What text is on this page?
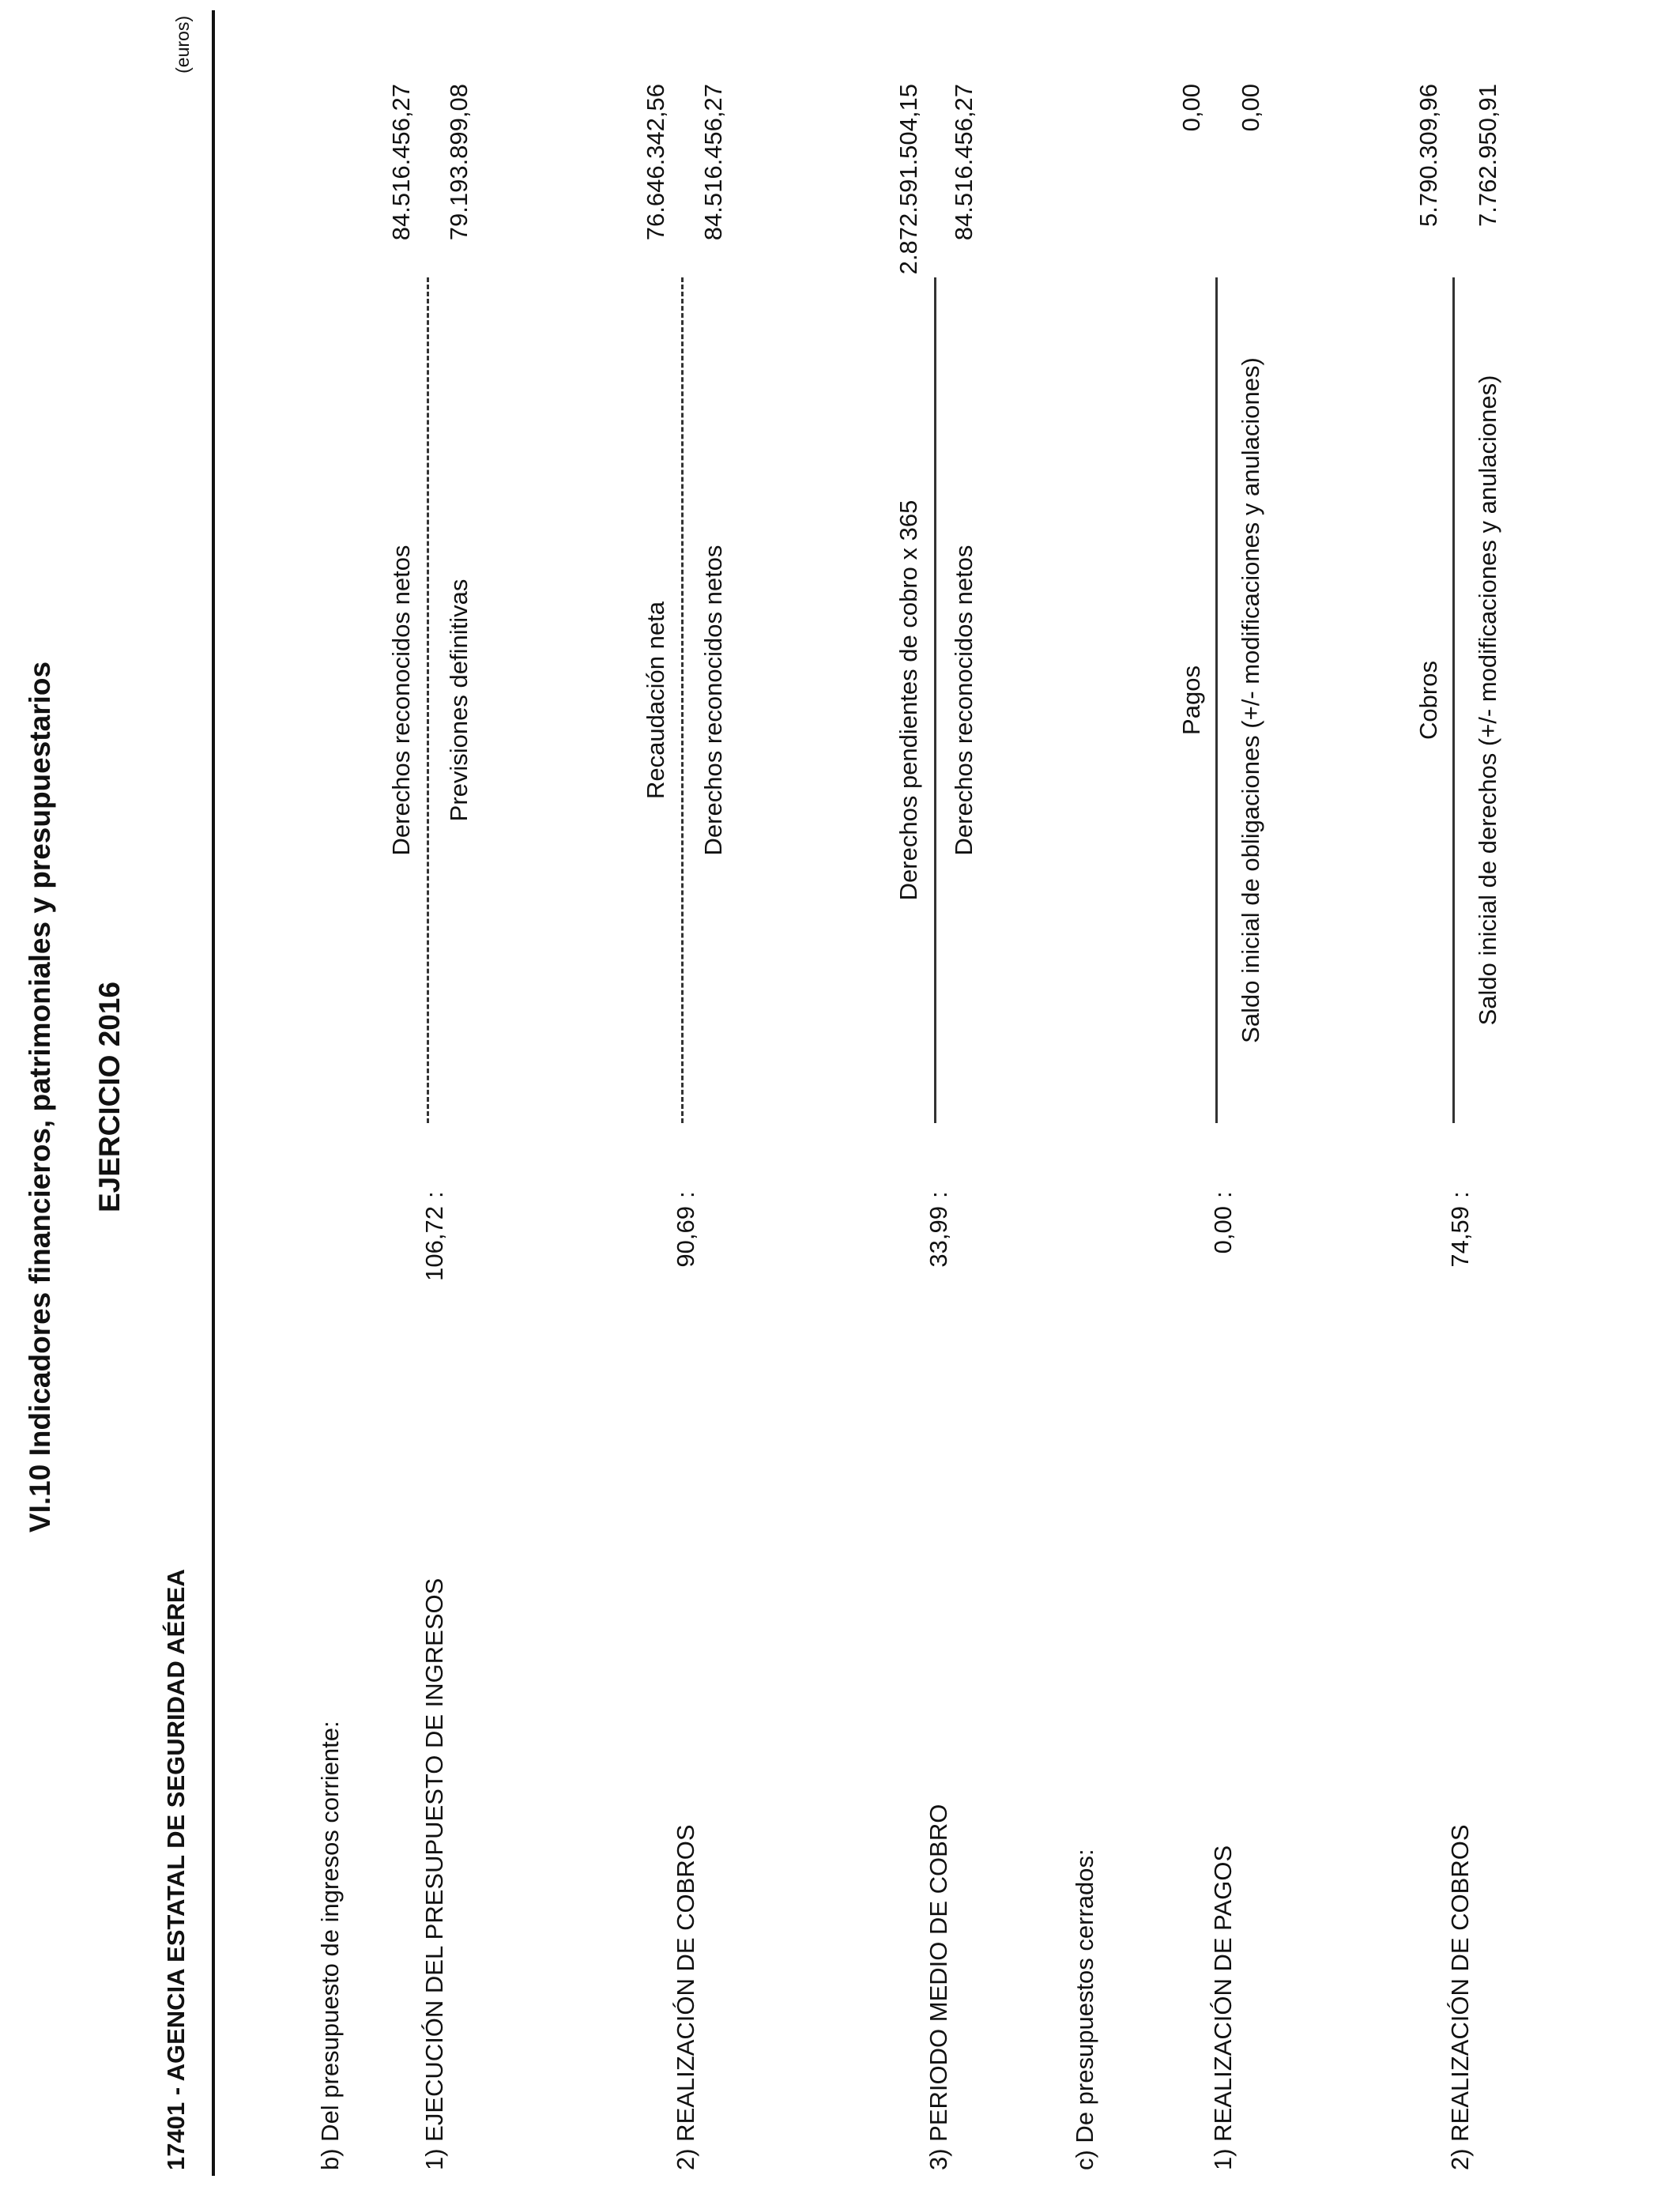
VI.10 Indicadores financieros, patrimoniales y presupuestarios EJERCICIO 2016
17401 - AGENCIA ESTATAL DE SEGURIDAD AÉREA
(euros)
b) Del presupuesto de ingresos corriente:	1) EJECUCIÓN DEL PRESUPUESTO DE INGRESOS
106,72
:
Derechos reconocidos netos Previsiones definitivas
84.516.456,27 79.193.899,08
2) REALIZACIÓN DE COBROS
90,69
:
Recaudación neta Derechos reconocidos netos
76.646.342,56 84.516.456,27
3) PERIODO MEDIO DE COBRO
33,99
:
Derechos pendientes de cobro x 365 Derechos reconocidos netos
2.872.591.504,15 84.516.456,27
c) De presupuestos cerrados:	1) REALIZACIÓN DE PAGOS
0,00
:
Pagos Saldo inicial de obligaciones (+/- modificaciones y anulaciones)
0,00 0,00
2) REALIZACIÓN DE COBROS
74,59
:
Cobros Saldo inicial de derechos (+/- modificaciones y anulaciones)
5.790.309,96 7.762.950,91
